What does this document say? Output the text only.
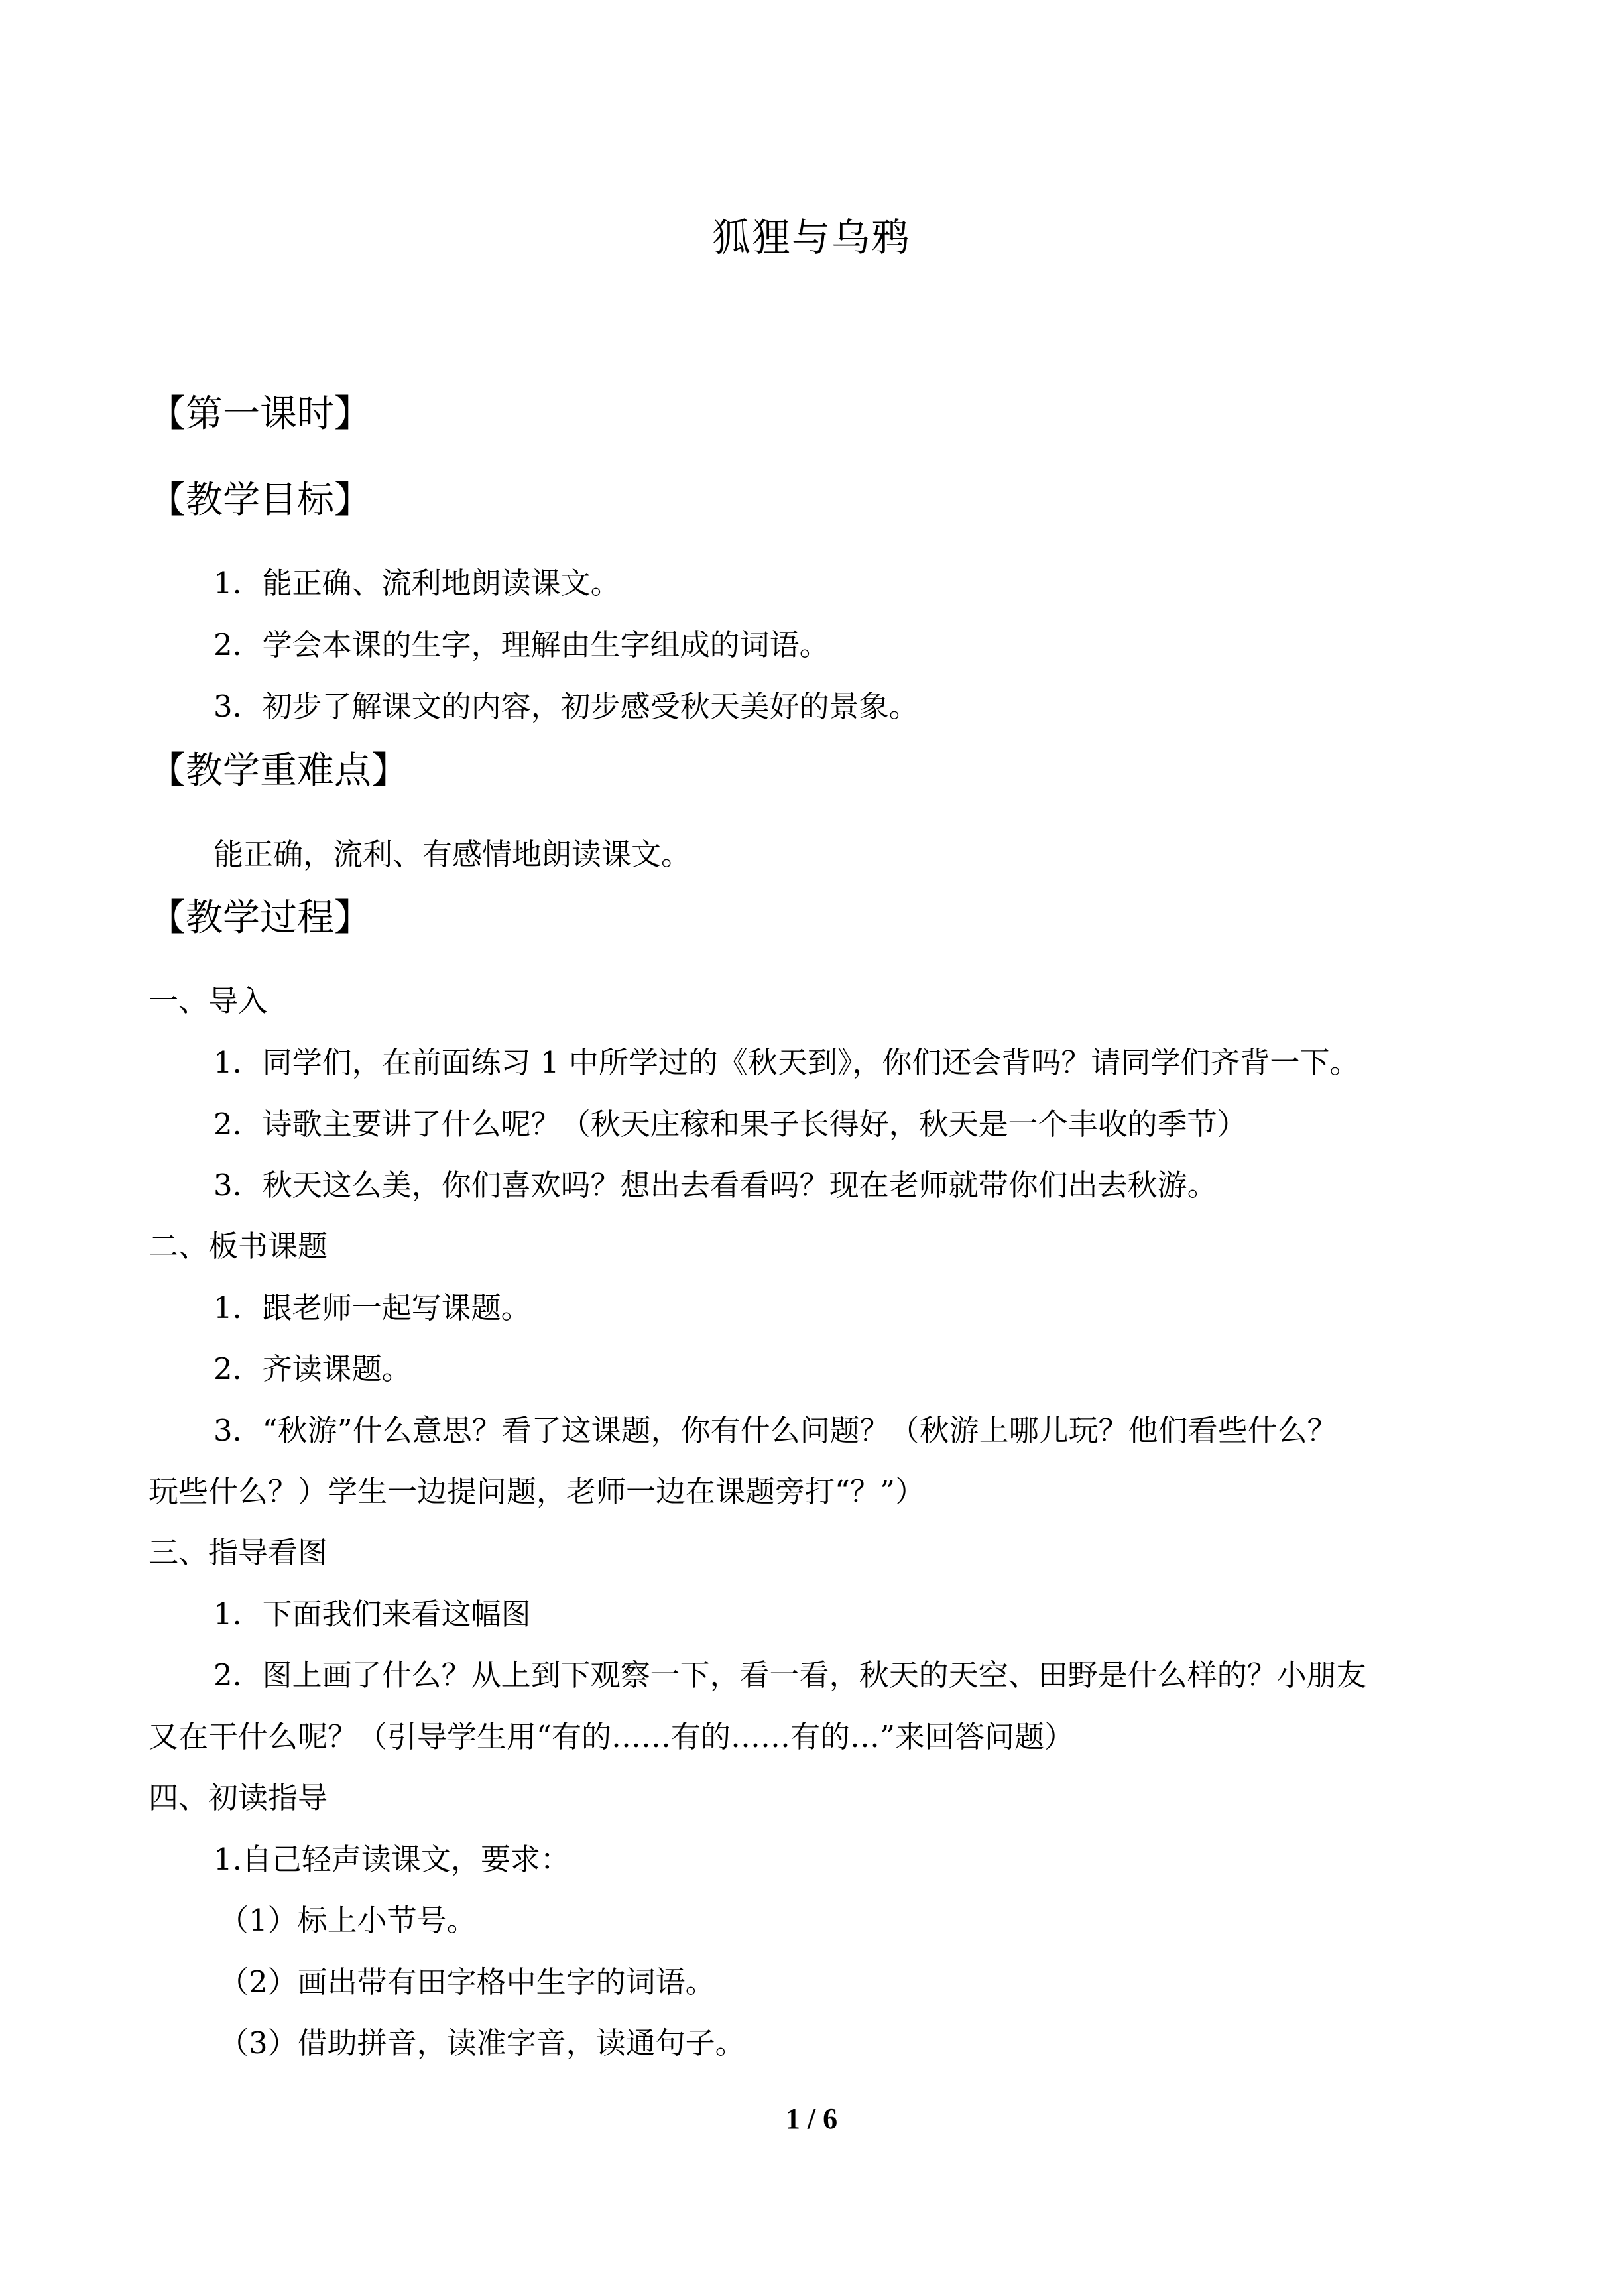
狐狸与乌鸦
【第一课时】
【教学目标】
1．能正确、流利地朗读课文。
2．学会本课的生字，理解由生字组成的词语。
3．初步了解课文的内容，初步感受秋天美好的景象。
【教学重难点】
能正确，流利、有感情地朗读课文。
【教学过程】
一、导入
1．同学们，在前面练习 1 中所学过的《秋天到》，你们还会背吗？请同学们齐背一下。
2．诗歌主要讲了什么呢？（秋天庄稼和果子长得好，秋天是一个丰收的季节）
3．秋天这么美，你们喜欢吗？想出去看看吗？现在老师就带你们出去秋游。
二、板书课题
1．跟老师一起写课题。
2．齐读课题。
3．“秋游”什么意思？看了这课题，你有什么问题？（秋游上哪儿玩？他们看些什么？
玩些什么？）学生一边提问题，老师一边在课题旁打“？”）
三、指导看图
1．下面我们来看这幅图
2．图上画了什么？从上到下观察一下，看一看，秋天的天空、田野是什么样的？小朋友
又在干什么呢？（引导学生用“有的……有的……有的…”来回答问题）
四、初读指导
1.自己轻声读课文，要求：
（1）标上小节号。
（2）画出带有田字格中生字的词语。
（3）借助拼音，读准字音，读通句子。
1 / 6
